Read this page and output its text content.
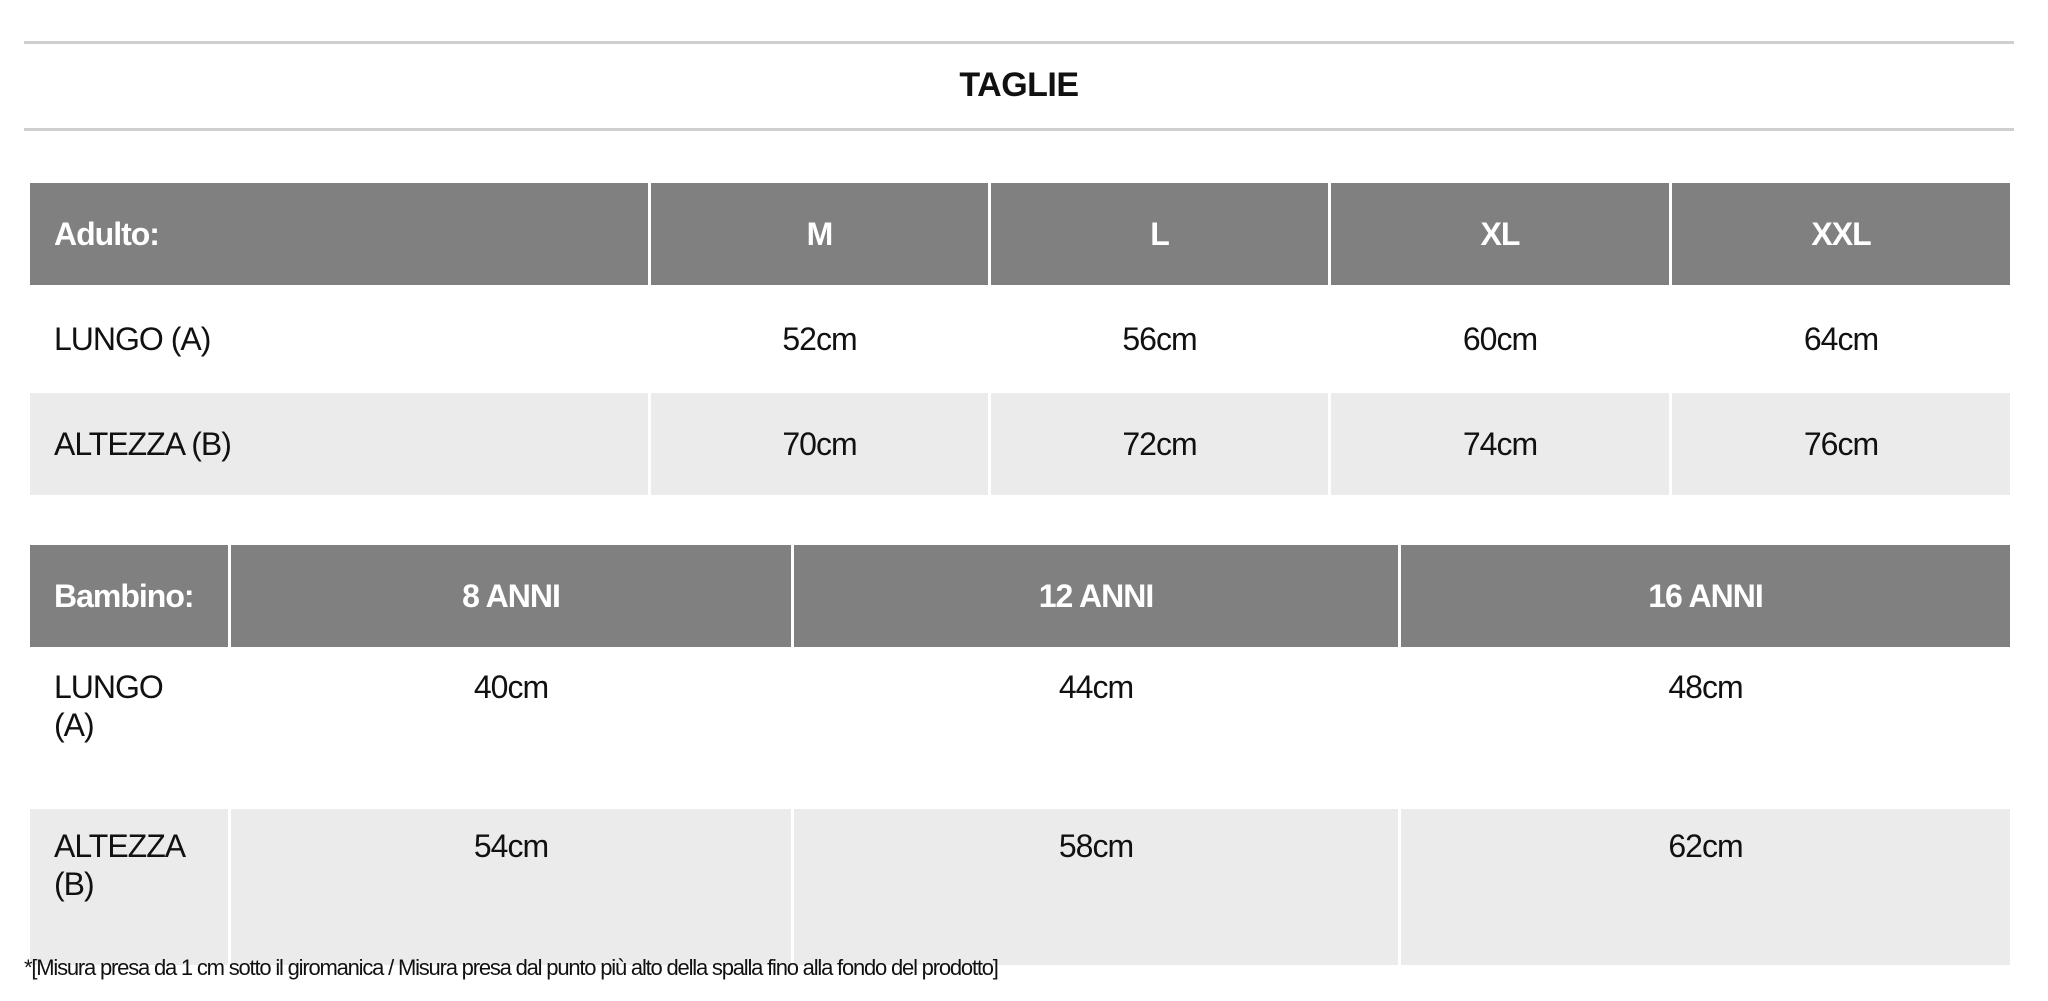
TAGLIE
Adulto:	M	L	XL	XXL
LUNGO (A)	52cm	56cm	60cm	64cm
ALTEZZA (B)	70cm	72cm	74cm	76cm
Bambino:	8 ANNI	12 ANNI	16 ANNI
LUNGO
(A)	40cm	44cm	48cm
ALTEZZA
(B)	54cm	58cm	62cm
*[Misura presa da 1 cm sotto il giromanica / Misura presa dal punto più alto della spalla fino alla fondo del prodotto]
